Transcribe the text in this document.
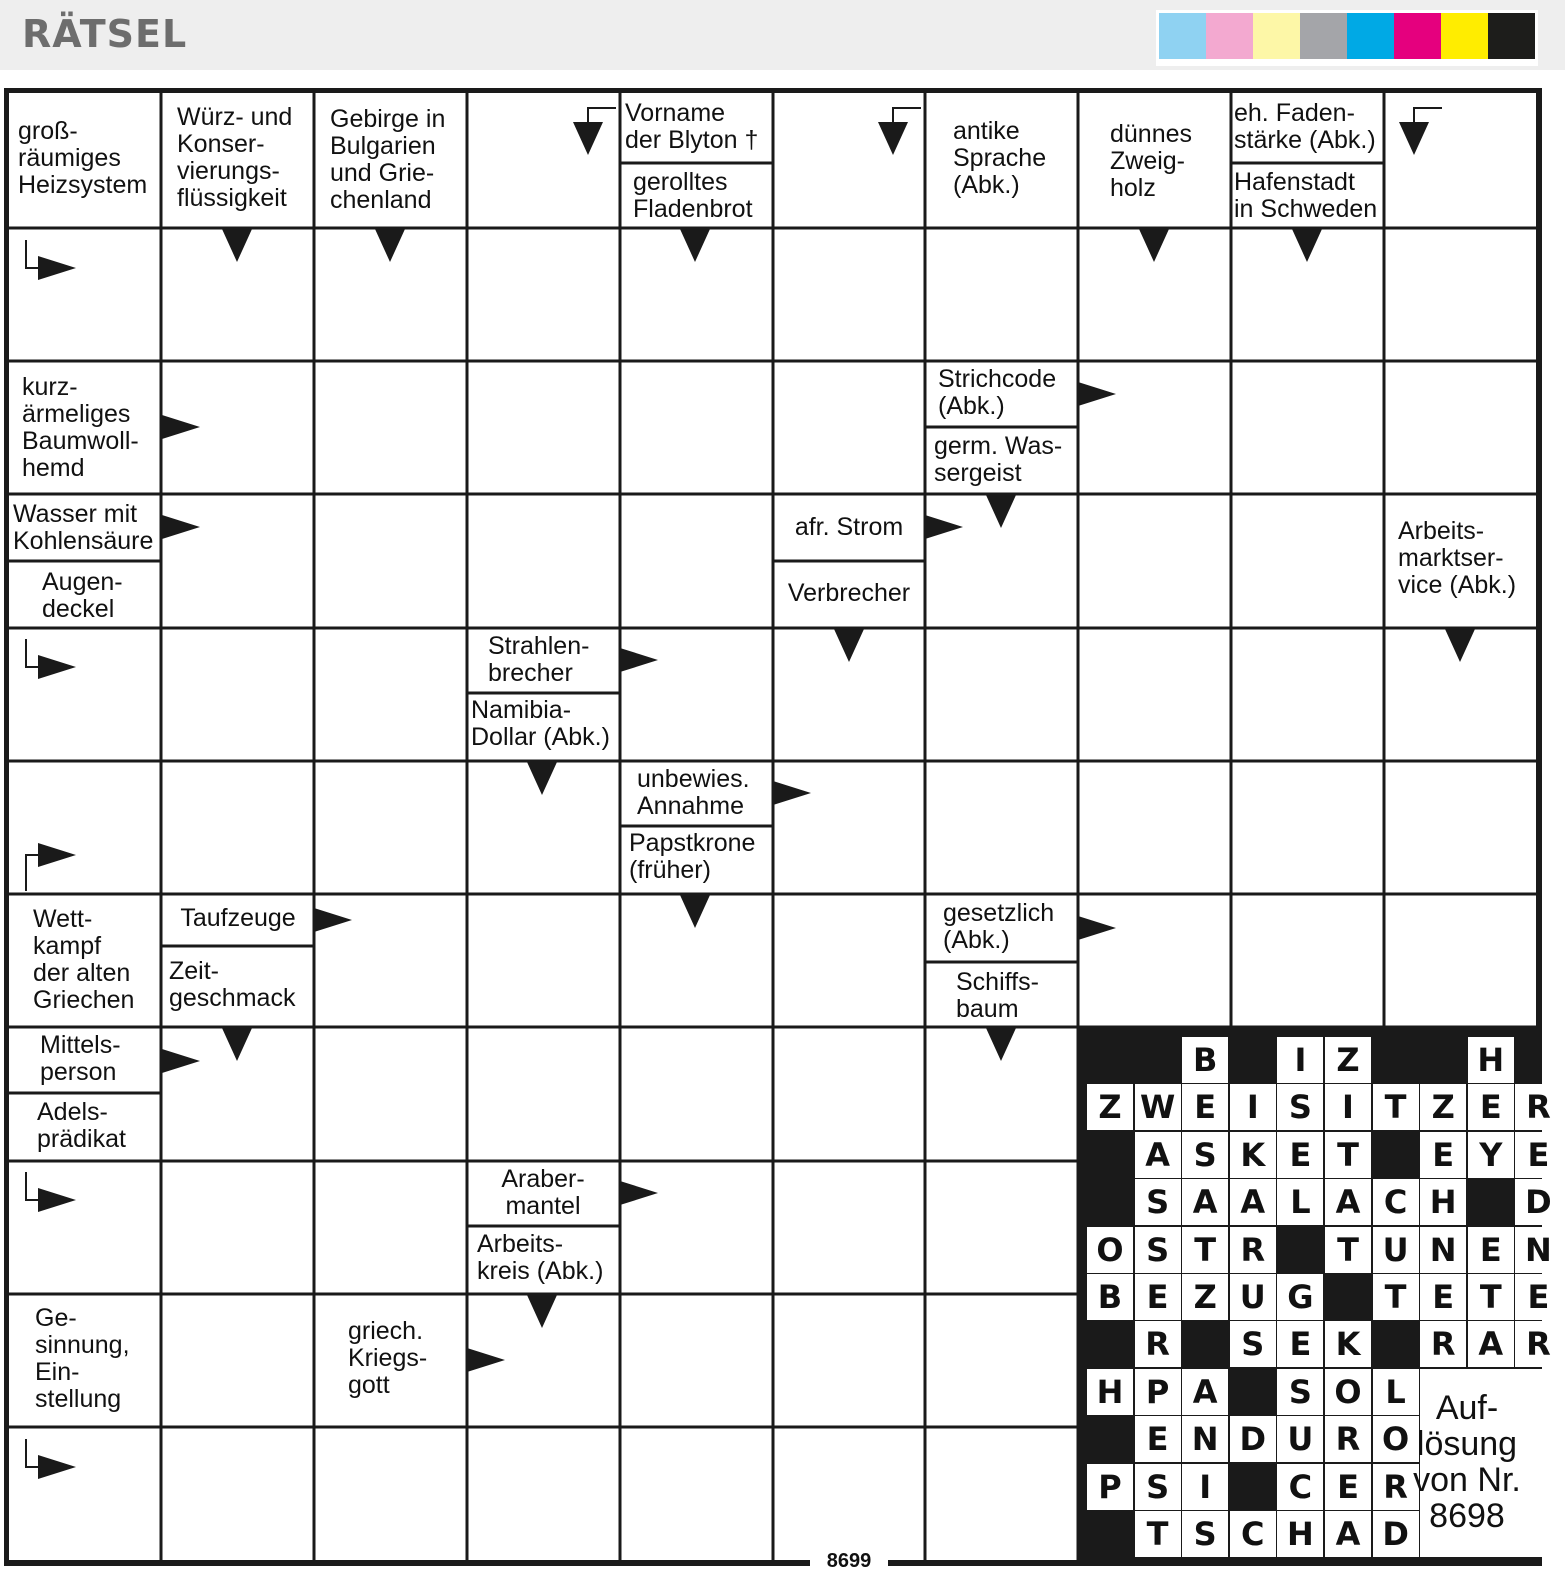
RÄTSEL
groß-
räumiges
Heizsystem
Würz- und
Konser-
vierungs-
flüssigkeit
Gebirge in
Bulgarien
und Grie-
chenland
Vorname
der Blyton †
gerolltes
Fladenbrot
antike
Sprache
(Abk.)
dünnes
Zweig-
holz
eh. Faden-
stärke (Abk.)
Hafenstadt
in Schweden
kurz-
ärmeliges
Baumwoll-
hemd
Strichcode
(Abk.)
germ. Was-
sergeist
Wasser mit
Kohlensäure
Augen-
deckel
afr. Strom
Verbrecher
Arbeits-
marktser-
vice (Abk.)
Strahlen-
brecher
Namibia-
Dollar (Abk.)
unbewies.
Annahme
Papstkrone
(früher)
Wett-
kampf
der alten
Griechen
Taufzeuge
Zeit-
geschmack
gesetzlich
(Abk.)
Schiffs-
baum
Mittels-
person
Adels-
prädikat
Araber-
mantel
Arbeits-
kreis (Abk.)
Ge-
sinnung,
Ein-
stellung
griech.
Kriegs-
gott
B	I Z	H
Z W E I S I T Z E R
A S K E T	E Y E
S A A L A C H	D
O S T R	T U N E N
B E Z U G	T E T E
R	S E K	R A R
H P A	S O L
E N D U R O
P S I	C E R
T S C H A D
Auf-
lösung
von Nr.
8698
8699
